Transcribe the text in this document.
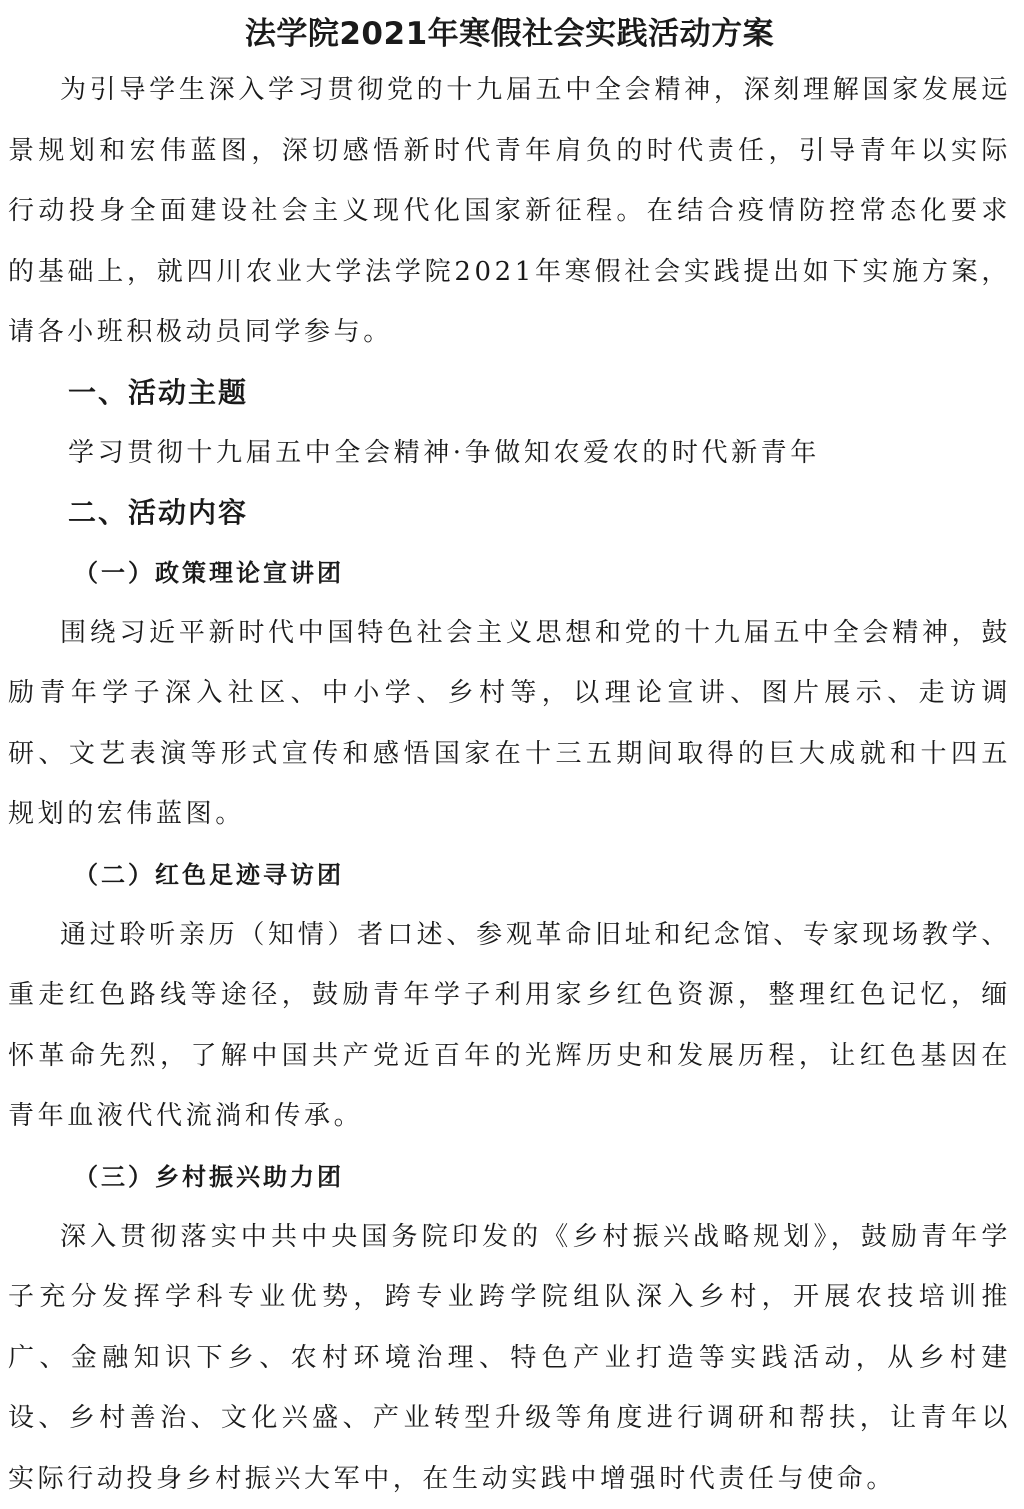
法学院2021年寒假社会实践活动方案

为引导学生深入学习贯彻党的十九届五中全会精神，深刻理解国家发展远景规划和宏伟蓝图，深切感悟新时代青年肩负的时代责任，引导青年以实际行动投身全面建设社会主义现代化国家新征程。在结合疫情防控常态化要求的基础上，就四川农业大学法学院2021年寒假社会实践提出如下实施方案，请各小班积极动员同学参与。

一、活动主题

学习贯彻十九届五中全会精神·争做知农爱农的时代新青年

二、活动内容
（一）政策理论宣讲团

围绕习近平新时代中国特色社会主义思想和党的十九届五中全会精神，鼓励青年学子深入社区、中小学、乡村等，以理论宣讲、图片展示、走访调研、文艺表演等形式宣传和感悟国家在十三五期间取得的巨大成就和十四五规划的宏伟蓝图。

（二）红色足迹寻访团

通过聆听亲历（知情）者口述、参观革命旧址和纪念馆、专家现场教学、重走红色路线等途径，鼓励青年学子利用家乡红色资源，整理红色记忆，缅怀革命先烈，了解中国共产党近百年的光辉历史和发展历程，让红色基因在青年血液代代流淌和传承。

（三）乡村振兴助力团

深入贯彻落实中共中央国务院印发的《乡村振兴战略规划》，鼓励青年学子充分发挥学科专业优势，跨专业跨学院组队深入乡村，开展农技培训推广、金融知识下乡、农村环境治理、特色产业打造等实践活动，从乡村建设、乡村善治、文化兴盛、产业转型升级等角度进行调研和帮扶，让青年以实际行动投身乡村振兴大军中，在生动实践中增强时代责任与使命。
